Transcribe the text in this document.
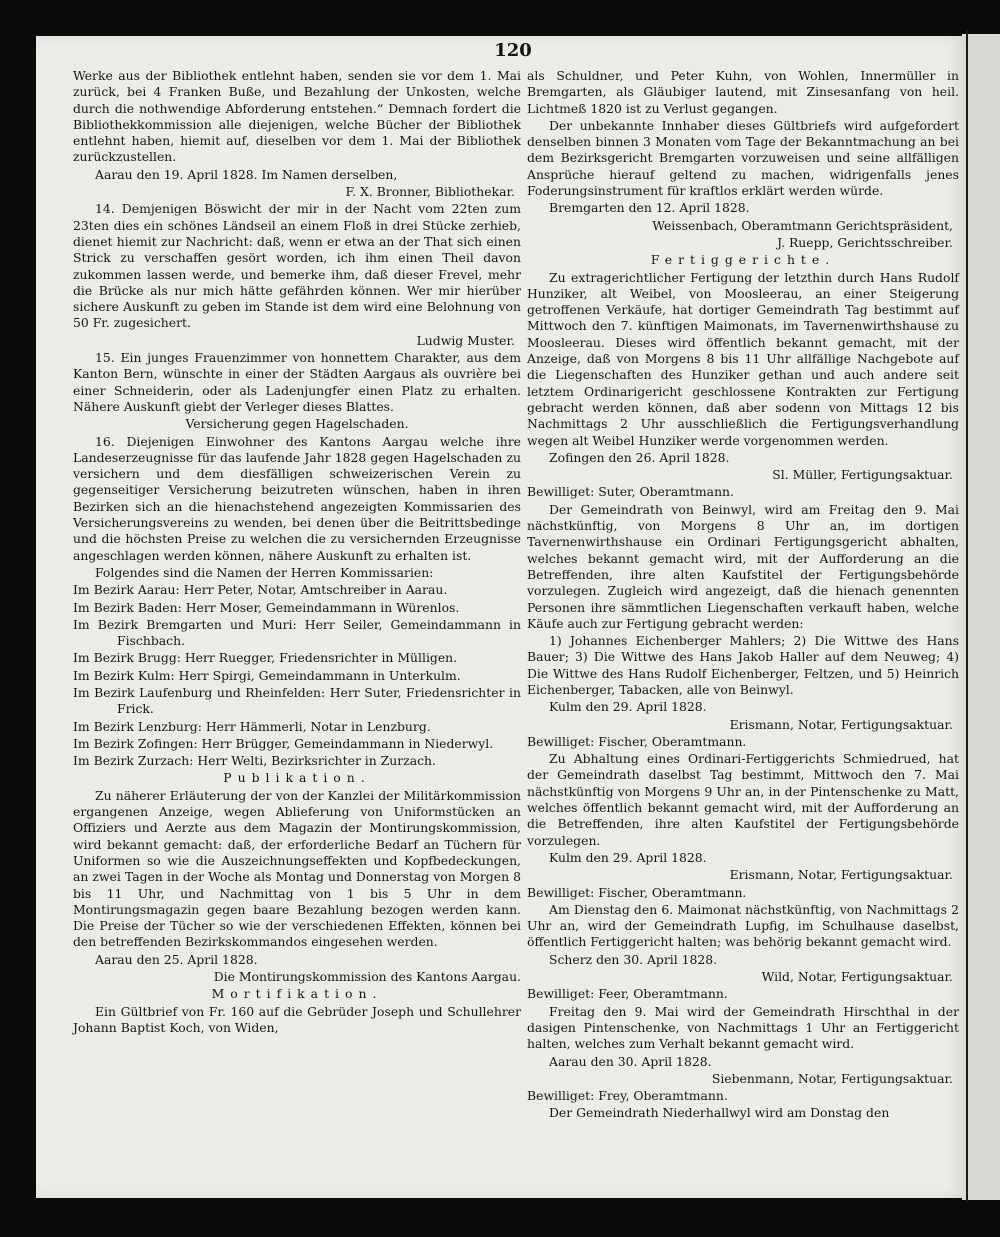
120

Werke aus der Bibliothek entlehnt haben, senden sie vor dem 1. Mai zurück, bei 4 Franken Buße, und Bezahlung der Unkosten, welche durch die nothwendige Abforderung entstehen.“ Demnach fordert die Bibliothekkommission alle diejenigen, welche Bücher der Bibliothek entlehnt haben, hiemit auf, dieselben vor dem 1. Mai der Bibliothek zurückzustellen.

Aarau den 19. April 1828. Im Namen derselben,

F. X. Bronner, Bibliothekar.

14. Demjenigen Böswicht der mir in der Nacht vom 22ten zum 23ten dies ein schönes Ländseil an einem Floß in drei Stücke zerhieb, dienet hiemit zur Nachricht: daß, wenn er etwa an der That sich einen Strick zu verschaffen gesört worden, ich ihm einen Theil davon zukommen lassen werde, und bemerke ihm, daß dieser Frevel, mehr die Brücke als nur mich hätte gefährden können. Wer mir hierüber sichere Auskunft zu geben im Stande ist dem wird eine Belohnung von 50 Fr. zugesichert.

Ludwig Muster.

15. Ein junges Frauenzimmer von honnettem Charakter, aus dem Kanton Bern, wünschte in einer der Städten Aargaus als ouvrière bei einer Schneiderin, oder als Ladenjungfer einen Platz zu erhalten. Nähere Auskunft giebt der Verleger dieses Blattes.

Versicherung gegen Hagelschaden.

16. Diejenigen Einwohner des Kantons Aargau welche ihre Landeserzeugnisse für das laufende Jahr 1828 gegen Hagelschaden zu versichern und dem diesfälligen schweizerischen Verein zu gegenseitiger Versicherung beizutreten wünschen, haben in ihren Bezirken sich an die hienachstehend angezeigten Kommissarien des Versicherungsvereins zu wenden, bei denen über die Beitrittsbedinge und die höchsten Preise zu welchen die zu versichernden Erzeugnisse angeschlagen werden können, nähere Auskunft zu erhalten ist.

Folgendes sind die Namen der Herren Kommissarien:

Im Bezirk Aarau: Herr Peter, Notar, Amtschreiber in Aarau.

Im Bezirk Baden: Herr Moser, Gemeindammann in Würenlos.

Im Bezirk Bremgarten und Muri: Herr Seiler, Gemeindammann in Fischbach.

Im Bezirk Brugg: Herr Ruegger, Friedensrichter in Mülligen.

Im Bezirk Kulm: Herr Spirgi, Gemeindammann in Unterkulm.

Im Bezirk Laufenburg und Rheinfelden: Herr Suter, Friedensrichter in Frick.

Im Bezirk Lenzburg: Herr Hämmerli, Notar in Lenzburg.

Im Bezirk Zofingen: Herr Brügger, Gemeindammann in Niederwyl.

Im Bezirk Zurzach: Herr Welti, Bezirksrichter in Zurzach.

Publikation.

Zu näherer Erläuterung der von der Kanzlei der Militärkommission ergangenen Anzeige, wegen Ablieferung von Uniformstücken an Offiziers und Aerzte aus dem Magazin der Montirungskommission, wird bekannt gemacht: daß, der erforderliche Bedarf an Tüchern für Uniformen so wie die Auszeichnungseffekten und Kopfbedeckungen, an zwei Tagen in der Woche als Montag und Donnerstag von Morgen 8 bis 11 Uhr, und Nachmittag von 1 bis 5 Uhr in dem Montirungsmagazin gegen baare Bezahlung bezogen werden kann. Die Preise der Tücher so wie der verschiedenen Effekten, können bei den betreffenden Bezirkskommandos eingesehen werden.

Aarau den 25. April 1828.

Die Montirungskommission des Kantons Aargau.

Mortifikation.

Ein Gültbrief von Fr. 160 auf die Gebrüder Joseph und Schullehrer Johann Baptist Koch, von Widen,

als Schuldner, und Peter Kuhn, von Wohlen, Innermüller in Bremgarten, als Gläubiger lautend, mit Zinsesanfang von heil. Lichtmeß 1820 ist zu Verlust gegangen.

Der unbekannte Innhaber dieses Gültbriefs wird aufgefordert denselben binnen 3 Monaten vom Tage der Bekanntmachung an bei dem Bezirksgericht Bremgarten vorzuweisen und seine allfälligen Ansprüche hierauf geltend zu machen, widrigenfalls jenes Foderungsinstrument für kraftlos erklärt werden würde.

Bremgarten den 12. April 1828.

Weissenbach, Oberamtmann Gerichtspräsident,

J. Ruepp, Gerichtsschreiber.

Fertiggerichte.

Zu extragerichtlicher Fertigung der letzthin durch Hans Rudolf Hunziker, alt Weibel, von Moosleerau, an einer Steigerung getroffenen Verkäufe, hat dortiger Gemeindrath Tag bestimmt auf Mittwoch den 7. künftigen Maimonats, im Tavernenwirthshause zu Moosleerau. Dieses wird öffentlich bekannt gemacht, mit der Anzeige, daß von Morgens 8 bis 11 Uhr allfällige Nachgebote auf die Liegenschaften des Hunziker gethan und auch andere seit letztem Ordinarigericht geschlossene Kontrakten zur Fertigung gebracht werden können, daß aber sodenn von Mittags 12 bis Nachmittags 2 Uhr ausschließlich die Fertigungsverhandlung wegen alt Weibel Hunziker werde vorgenommen werden.

Zofingen den 26. April 1828.

Sl. Müller, Fertigungsaktuar.

Bewilliget: Suter, Oberamtmann.

Der Gemeindrath von Beinwyl, wird am Freitag den 9. Mai nächstkünftig, von Morgens 8 Uhr an, im dortigen Tavernenwirthshause ein Ordinari Fertigungsgericht abhalten, welches bekannt gemacht wird, mit der Aufforderung an die Betreffenden, ihre alten Kaufstitel der Fertigungsbehörde vorzulegen. Zugleich wird angezeigt, daß die hienach genennten Personen ihre sämmtlichen Liegenschaften verkauft haben, welche Käufe auch zur Fertigung gebracht werden:

1) Johannes Eichenberger Mahlers; 2) Die Wittwe des Hans Bauer; 3) Die Wittwe des Hans Jakob Haller auf dem Neuweg; 4) Die Wittwe des Hans Rudolf Eichenberger, Feltzen, und 5) Heinrich Eichenberger, Tabacken, alle von Beinwyl.

Kulm den 29. April 1828.

Erismann, Notar, Fertigungsaktuar.

Bewilliget: Fischer, Oberamtmann.

Zu Abhaltung eines Ordinari-Fertiggerichts Schmiedrued, hat der Gemeindrath daselbst Tag bestimmt, Mittwoch den 7. Mai nächstkünftig von Morgens 9 Uhr an, in der Pintenschenke zu Matt, welches öffentlich bekannt gemacht wird, mit der Aufforderung an die Betreffenden, ihre alten Kaufstitel der Fertigungsbehörde vorzulegen.

Kulm den 29. April 1828.

Erismann, Notar, Fertigungsaktuar.

Bewilliget: Fischer, Oberamtmann.

Am Dienstag den 6. Maimonat nächstkünftig, von Nachmittags 2 Uhr an, wird der Gemeindrath Lupfig, im Schulhause daselbst, öffentlich Fertiggericht halten; was behörig bekannt gemacht wird.

Scherz den 30. April 1828.

Wild, Notar, Fertigungsaktuar.

Bewilliget: Feer, Oberamtmann.

Freitag den 9. Mai wird der Gemeindrath Hirschthal in der dasigen Pintenschenke, von Nachmittags 1 Uhr an Fertiggericht halten, welches zum Verhalt bekannt gemacht wird.

Aarau den 30. April 1828.

Siebenmann, Notar, Fertigungsaktuar.

Bewilliget: Frey, Oberamtmann.

Der Gemeindrath Niederhallwyl wird am Donstag den
